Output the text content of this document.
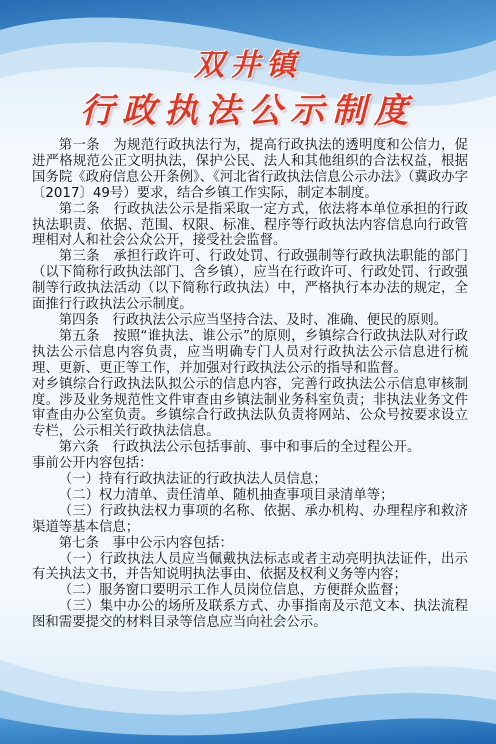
双井镇
行政执法公示制度

第一条　为规范行政执法行为，提高行政执法的透明度和公信力，促进严格规范公正文明执法，保护公民、法人和其他组织的合法权益，根据国务院《政府信息公开条例》、《河北省行政执法信息公示办法》（冀政办字〔2017〕49号）要求，结合乡镇工作实际，制定本制度。

第二条　行政执法公示是指采取一定方式，依法将本单位承担的行政执法职责、依据、范围、权限、标准、程序等行政执法内容信息向行政管理相对人和社会公众公开，接受社会监督。

第三条　承担行政许可、行政处罚、行政强制等行政执法职能的部门（以下简称行政执法部门、含乡镇），应当在行政许可、行政处罚、行政强制等行政执法活动（以下简称行政执法）中，严格执行本办法的规定，全面推行行政执法公示制度。

第四条　行政执法公示应当坚持合法、及时、准确、便民的原则。

第五条　按照“谁执法、谁公示”的原则，乡镇综合行政执法队对行政执法公示信息内容负责，应当明确专门人员对行政执法公示信息进行梳理、更新、更正等工作，并加强对行政执法公示的指导和监督。

对乡镇综合行政执法队拟公示的信息内容，完善行政执法公示信息审核制度。涉及业务规范性文件审查由乡镇法制业务科室负责；非执法业务文件审查由办公室负责。乡镇综合行政执法队负责将网站、公众号按要求设立专栏，公示相关行政执法信息。

第六条　行政执法公示包括事前、事中和事后的全过程公开。

事前公开内容包括：

（一）持有行政执法证的行政执法人员信息；

（二）权力清单、责任清单、随机抽查事项目录清单等；

（三）行政执法权力事项的名称、依据、承办机构、办理程序和救济渠道等基本信息；

第七条　事中公示内容包括：

（一）行政执法人员应当佩戴执法标志或者主动亮明执法证件，出示有关执法文书，并告知说明执法事由、依据及权利义务等内容；

（二）服务窗口要明示工作人员岗位信息，方便群众监督；

（三）集中办公的场所及联系方式、办事指南及示范文本、执法流程图和需要提交的材料目录等信息应当向社会公示。
